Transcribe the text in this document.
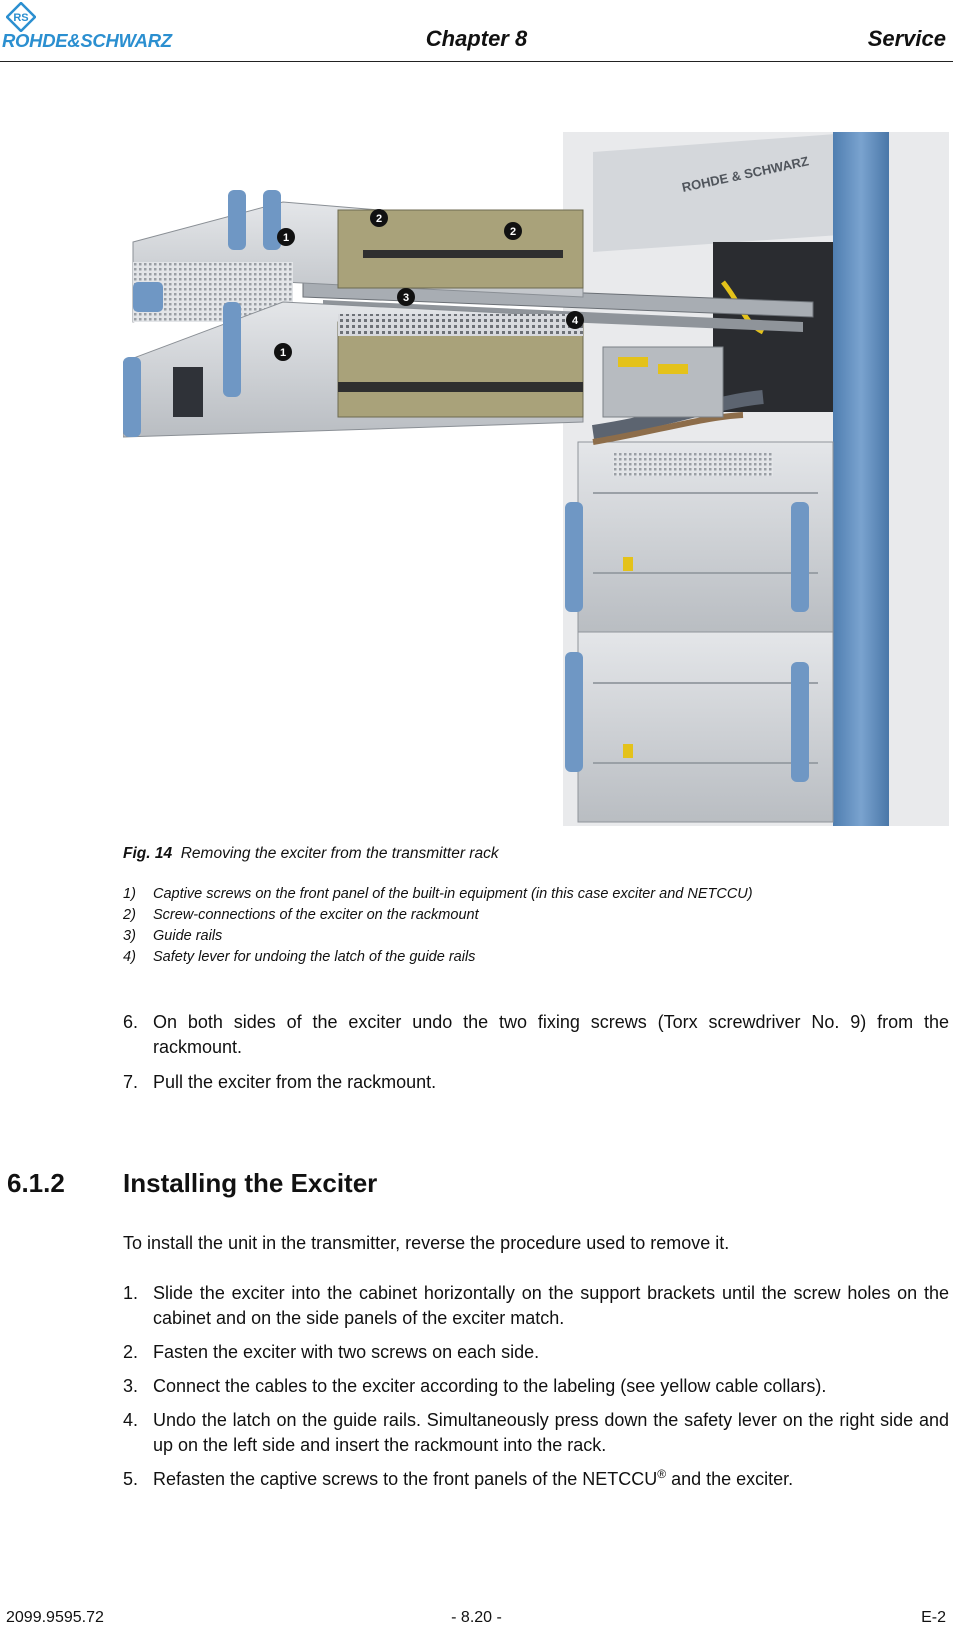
RS
ROHDE&SCHWARZ	Chapter 8	Service
ROHDE & SCHWARZ
1
2
2
3
4
1
Fig. 14 Removing the exciter from the transmitter rack
1)	Captive screws on the front panel of the built-in equipment (in this case exciter and NETCCU)
2)	Screw-connections of the exciter on the rackmount
3)	Guide rails
4)	Safety lever for undoing the latch of the guide rails
6. On both sides of the exciter undo the two fixing screws (Torx screwdriver No. 9) from the rackmount.
7. Pull the exciter from the rackmount.
6.1.2 Installing the Exciter
To install the unit in the transmitter, reverse the procedure used to remove it.
1. Slide the exciter into the cabinet horizontally on the support brackets until the screw holes on the cabinet and on the side panels of the exciter match.
2. Fasten the exciter with two screws on each side.
3. Connect the cables to the exciter according to the labeling (see yellow cable collars).
4. Undo the latch on the guide rails. Simultaneously press down the safety lever on the right side and up on the left side and insert the rackmount into the rack.
5. Refasten the captive screws to the front panels of the NETCCU® and the exciter.
2099.9595.72	- 8.20 -	E-2
